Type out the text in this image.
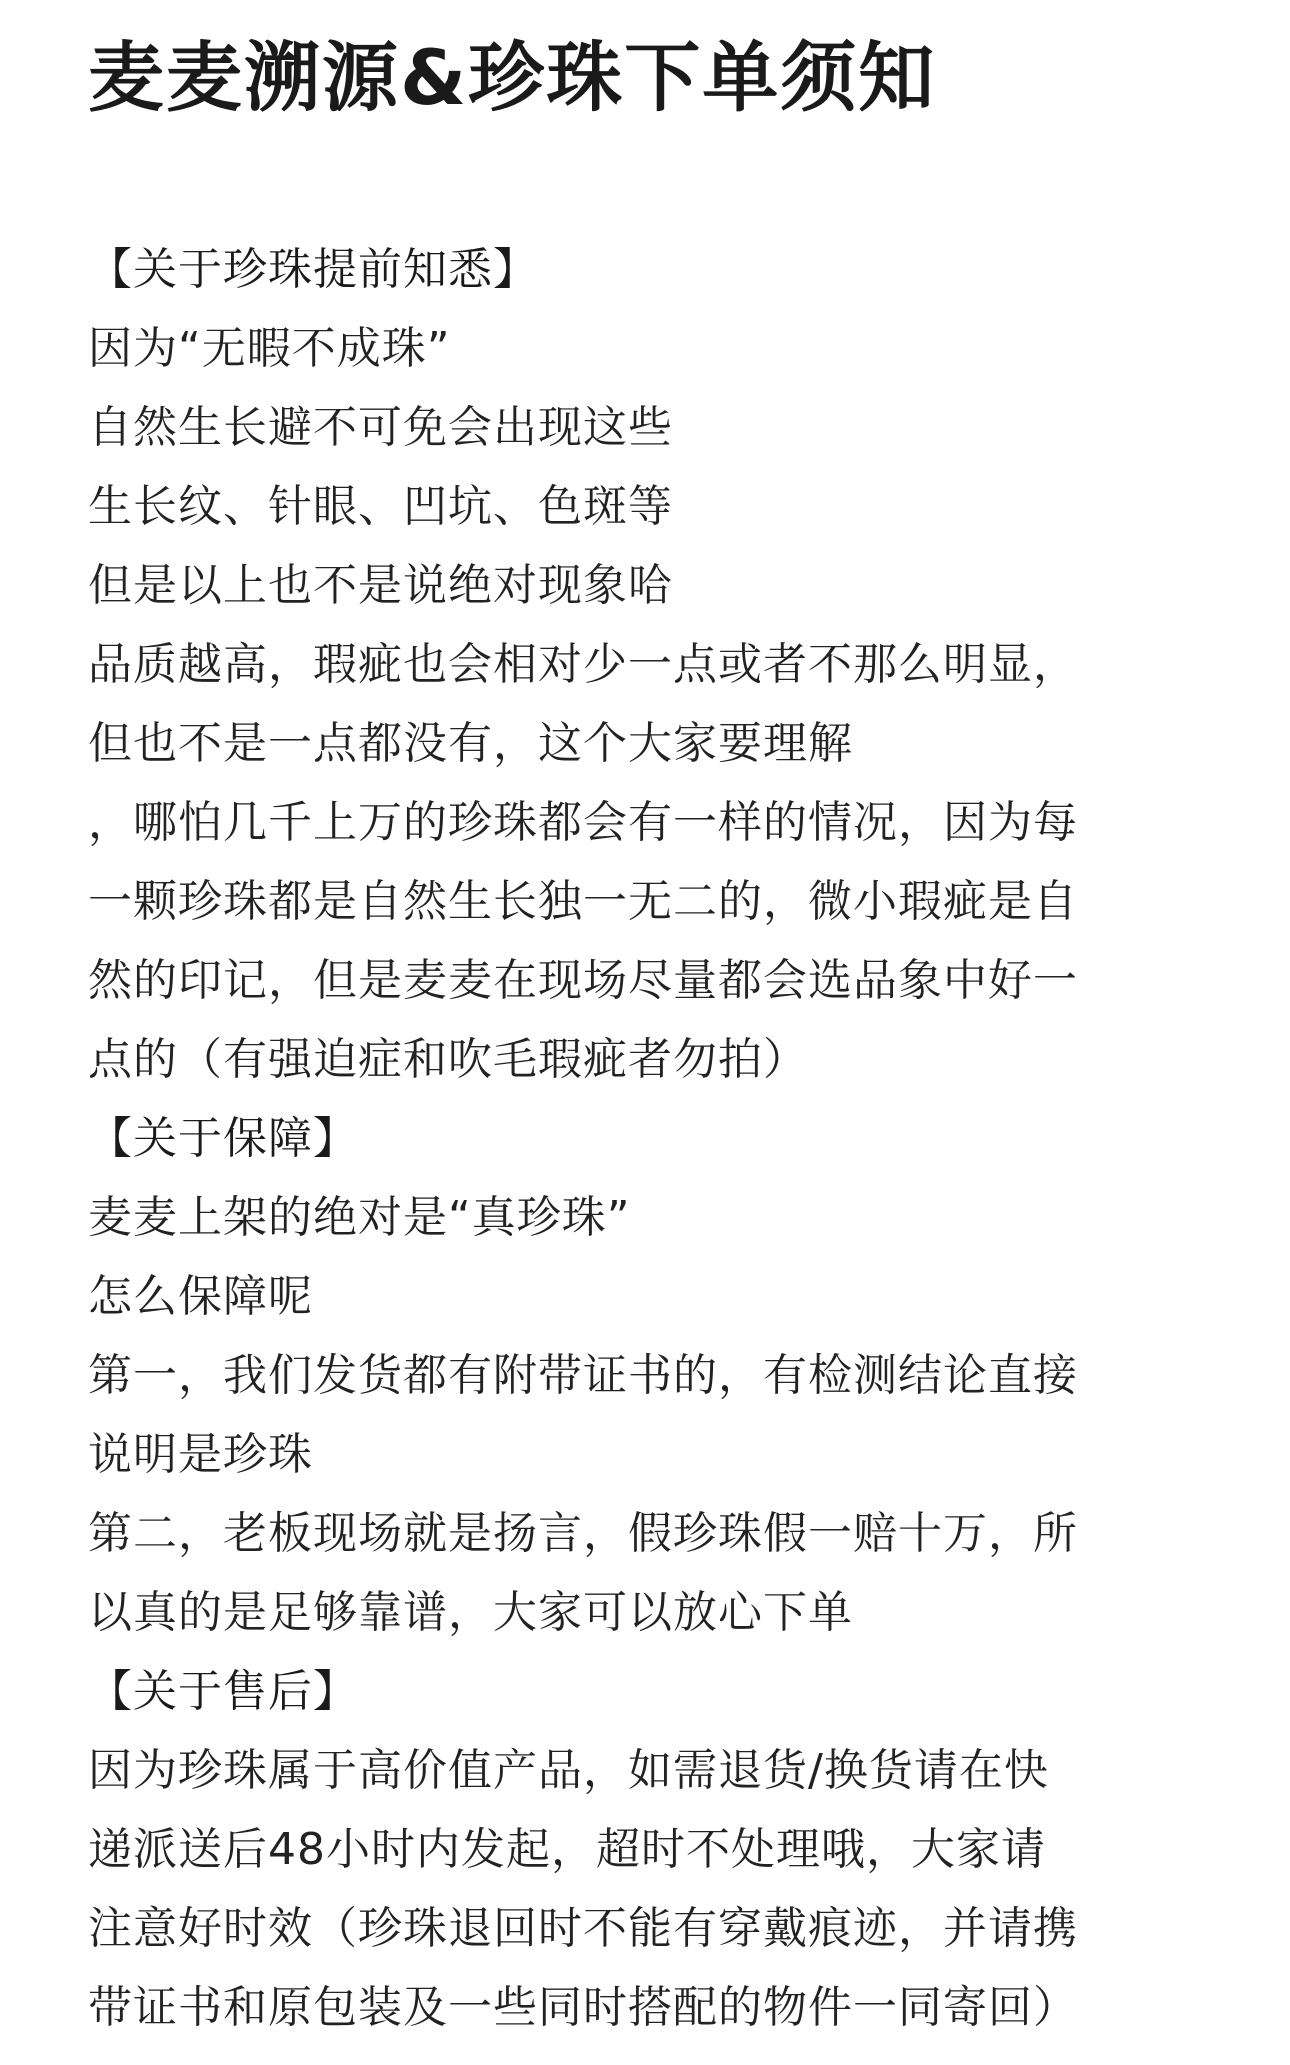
麦麦溯源&珍珠下单须知
【关于珍珠提前知悉】
因为“无暇不成珠”
自然生长避不可免会出现这些
生长纹、针眼、凹坑、色斑等
但是以上也不是说绝对现象哈
品质越高，瑕疵也会相对少一点或者不那么明显，
但也不是一点都没有，这个大家要理解
，哪怕几千上万的珍珠都会有一样的情况，因为每
一颗珍珠都是自然生长独一无二的，微小瑕疵是自
然的印记，但是麦麦在现场尽量都会选品象中好一
点的（有强迫症和吹毛瑕疵者勿拍）
【关于保障】
麦麦上架的绝对是“真珍珠”
怎么保障呢
第一，我们发货都有附带证书的，有检测结论直接
说明是珍珠
第二，老板现场就是扬言，假珍珠假一赔十万，所
以真的是足够靠谱，大家可以放心下单
【关于售后】
因为珍珠属于高价值产品，如需退货/换货请在快
递派送后48小时内发起，超时不处理哦，大家请
注意好时效（珍珠退回时不能有穿戴痕迹，并请携
带证书和原包装及一些同时搭配的物件一同寄回）
